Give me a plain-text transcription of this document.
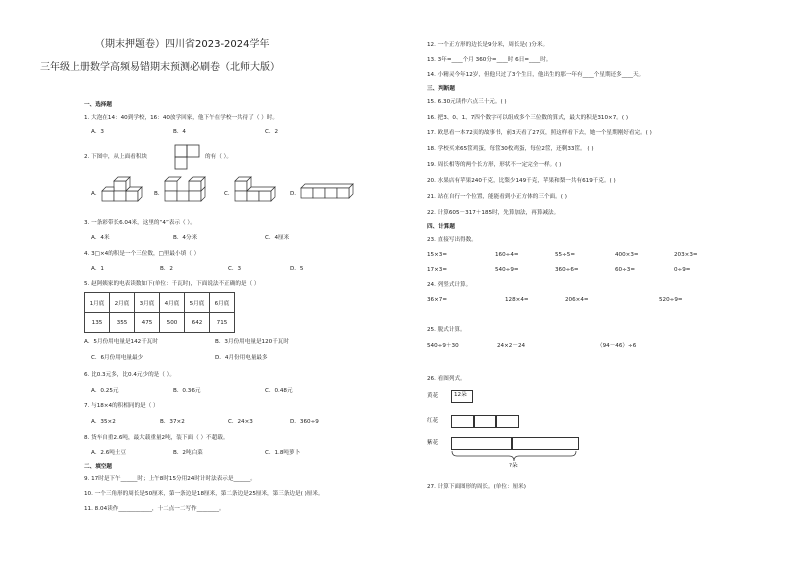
（期末押题卷）四川省2023-2024学年
三年级上册数学高频易错期末预测必刷卷（北师大版）
一、选择题
1. 大泡在14：40到学校，16：40放学回家，他下午在学校一共待了（ ）时。
A．3	B．4	C．2
2. 下图中，从上面看积块	的有（ ）。
A．	B．	C．	D．
3. 一条彩带长6.04米，这里的“4”表示（ ）。
A．4米	B．4分米	C．4厘米
4. 3□×4的积是一个三位数，□里最小填（ ）
A．1	B．2	C．3	D．5
5. 赵阿姨家的电表读数如下(单位：千瓦时)，下面说法不正确的是（ ）
1月底	2月底	3月底	4月底	5月底	6月底
135	355	475	500	642	715
A．5月份用电量是142千瓦时	B．3月份用电量是120千瓦时
C．6月份用电量最少	D．4月份用电量最多
6. 比0.3元多，比0.4元少的是（ ）。
A．0.25元	B．0.36元	C．0.48元
7. 与18×4的积相同的是（ ）
A．35×2	B．37×2	C．24×3	D．360÷9
8. 货车自重2.6吨，最大载重量2吨，装下面（ ）不超载。
A．2.6吨土豆	B．2吨白菜	C．1.8吨萝卜
二、填空题
9. 17时是下午______时；上午8时15分用24时计时法表示是______。
10. 一个三角形的周长是50厘米，第一条边是18厘米，第二条边是25厘米，第三条边是( )厘米。
11. 8.04读作____________，十二点一二写作________。
12. 一个正方形的边长是9分米，周长是( )分米。
13. 3年=____个月 360分=____时 6日=____时。
14. 小精灵今年12岁，但他只过了3个生日，他出生的那一年有____个星期还多____天。
三、判断题
15. 6.30元读作六点三十元。( )
16. 把3、0、1、7四个数字可以组成多个三位数的算式，最大的积是310×7。( )
17. 欧思看一本72页的故事书，前3天看了27页，照这样看下去，她一个星期刚好看完。( )
18. 学校买来65筐鸡蛋，每筐30枚鸡蛋，每位2筐，还剩33筐。 ( )
19. 周长相等的两个长方形，形状不一定完全一样。( )
20. 水果店有苹果240千克，比梨少149千克，苹果和梨一共有619千克。( )
21. 站在自行一个位置，能能看到小正方体的三个面。( )
22. 计算605－317＋185时，先算加法，再算减法。
四、计算题
23. 直接写出得数。
15×3=	160÷4=	55÷5=	400×3=	203×3=
17×3=	540÷9=	360÷6=	60÷3=	0÷9=
24. 列竖式计算。
36×7=	128×4=	206×4=	520÷9=
25. 脱式计算。
540÷9＋30	24×2－24	（94－46）÷6
26. 看图列式。
黄花	12朵
红花
紫花
?朵
27. 计算下面图形的周长。(单位：厘米)
